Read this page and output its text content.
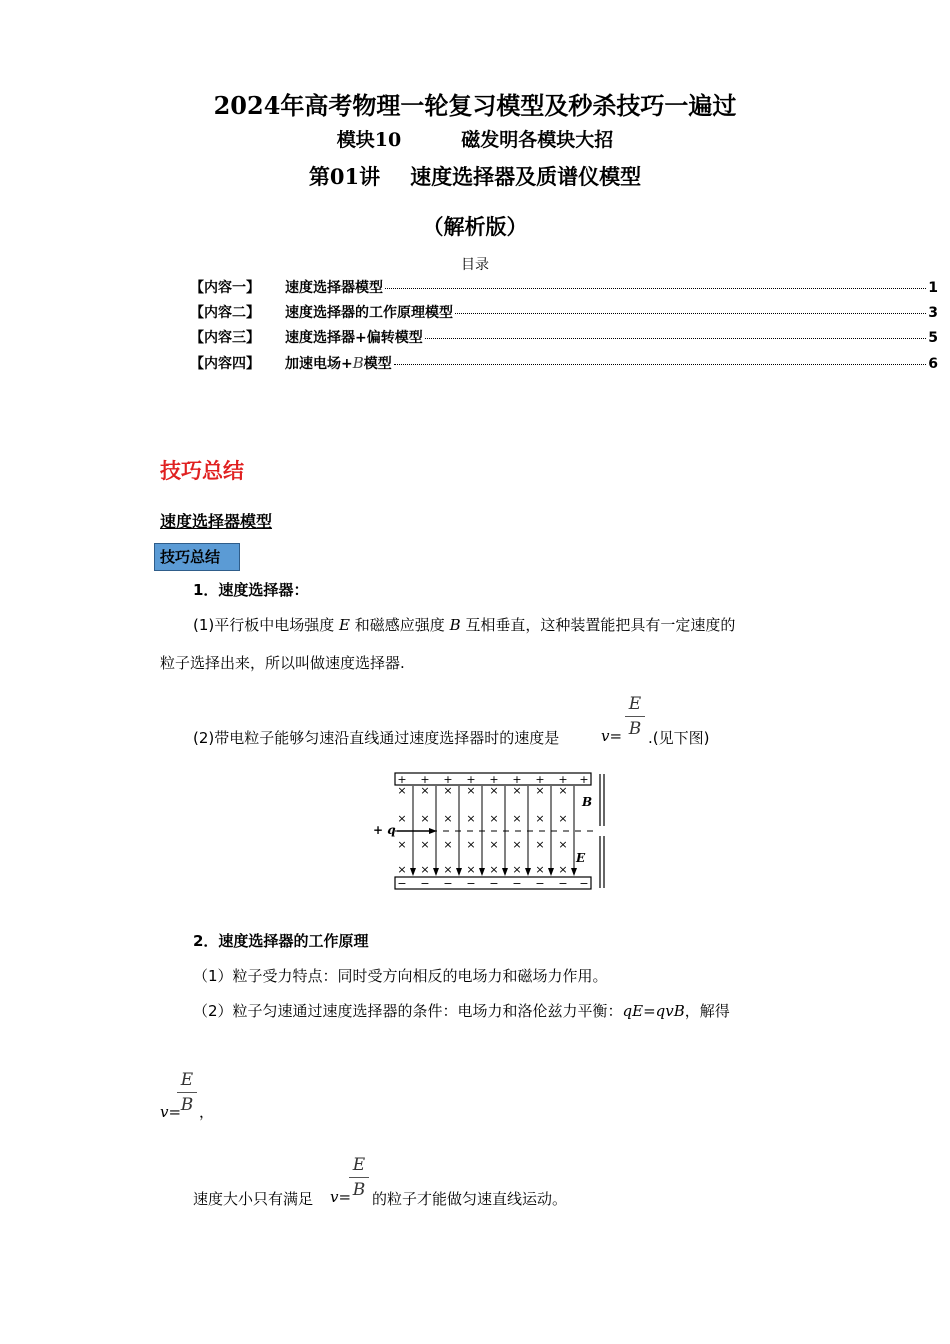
2024年高考物理一轮复习模型及秒杀技巧一遍过
模块10	磁发明各模块大招
第01讲 速度选择器及质谱仪模型
（解析版）
目录
【内容一】	速度选择器模型	1
【内容二】	速度选择器的工作原理模型	3
【内容三】	速度选择器+偏转模型	5
【内容四】	加速电场+B模型	6
技巧总结
速度选择器模型
技巧总结
1．速度选择器：
(1)平行板中电场强度 E 和磁感应强度 B 互相垂直，这种装置能把具有一定速度的
粒子选择出来，所以叫做速度选择器.
(2)带电粒子能够匀速沿直线通过速度选择器时的速度是	v=
E
B .(见下图)
+
−
+
−
+
−
+
−
+
−
+
−
+
−
+
−
+
−
× × × × × × × ×
× × × × × × × ×
× × × × × × × ×
× × × × × × × ×
+ q
B
E
2．速度选择器的工作原理
（1）粒子受力特点：同时受方向相反的电场力和磁场力作用。
（2）粒子匀速通过速度选择器的条件：电场力和洛伦兹力平衡：qE=qvB，解得
v=
E
B ，
速度大小只有满足 v=
E
B 的粒子才能做匀速直线运动。
